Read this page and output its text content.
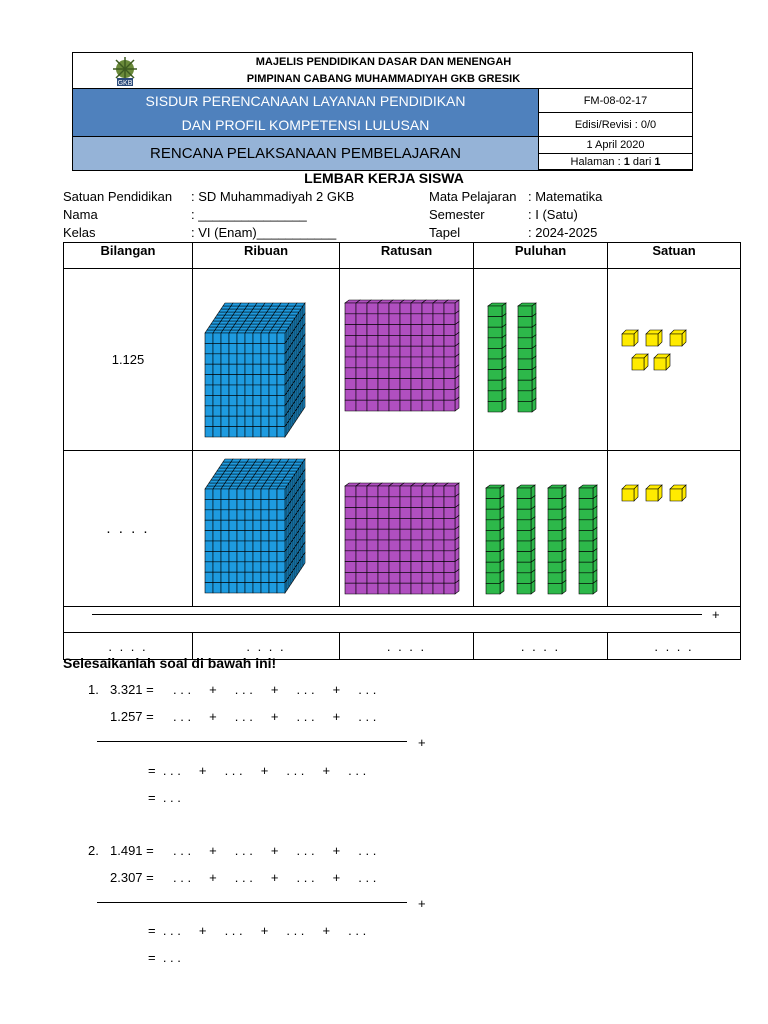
GKB
MAJELIS PENDIDIKAN DASAR DAN MENENGAH
PIMPINAN CABANG MUHAMMADIYAH GKB GRESIK
SISDUR PERENCANAAN LAYANAN PENDIDIKAN
DAN PROFIL KOMPETENSI LULUSAN
FM-08-02-17
Edisi/Revisi : 0/0
RENCANA PELAKSANAAN PEMBELAJARAN	1 April 2020
Halaman :
1 dari 1
LEMBAR KERJA SISWA
Satuan Pendidikan : SD Muhammadiyah 2 GKB
Nama	: _______________
Kelas	: VI (Enam)___________
Mata Pelajaran : Matematika
Semester	: I (Satu)
Tapel	: 2024-2025
Bilangan	Ribuan	Ratusan	Puluhan	Satuan
1.125				
. . . .				

+				

. . . .	. . . .	. . . .	. . . .	. . . .
Selesaikanlah soal di bawah ini!
1. 3.321 = . . .     +     . . .     +     . . .     +     . . .
1.257 = . . .     +     . . .     +     . . .     +     . . .
+
=  . . .     +     . . .     +     . . .     +     . . .
=  . . .
2. 1.491 = . . .     +     . . .     +     . . .     +     . . .
2.307 = . . .     +     . . .     +     . . .     +     . . .
+
=  . . .     +     . . .     +     . . .     +     . . .
=  . . .
